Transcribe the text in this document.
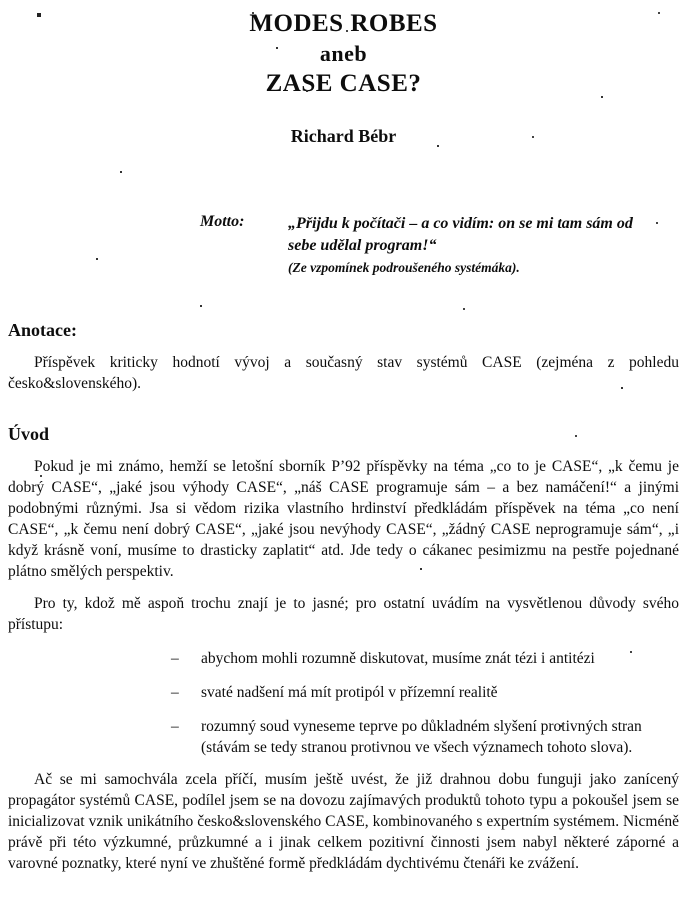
MODES ROBES
aneb
ZASE CASE?
Richard Bébr
Motto:	„Přijdu k počítači – a co vidím: on se mi tam sám od
sebe udělal program!“
(Ze vzpomínek podroušeného systémáka).
Anotace:

Příspěvek kriticky hodnotí vývoj a současný stav systémů CASE (zejména z pohledu česko&slovenského).

Úvod

Pokud je mi známo, hemží se letošní sborník P’92 příspěvky na téma „co to je CASE“, „k čemu je dobrý CASE“, „jaké jsou výhody CASE“, „náš CASE programuje sám – a bez namáčení!“ a jinými podobnými různými. Jsa si vědom rizika vlastního hrdinství předkládám příspěvek na téma „co není CASE“, „k čemu není dobrý CASE“, „jaké jsou nevýhody CASE“, „žádný CASE neprogramuje sám“, „i když krásně voní, musíme to drasticky zaplatit“ atd. Jde tedy o cákanec pesimizmu na pestře pojednané plátno smělých perspektiv.

Pro ty, kdož mě aspoň trochu znají je to jasné; pro ostatní uvádím na vysvětlenou důvody svého přístupu:

–	abychom mohli rozumně diskutovat, musíme znát tézi i antitézi
–	svaté nadšení má mít protipól v přízemní realitě
–	rozumný soud vyneseme teprve po důkladném slyšení protivných stran (stávám se tedy stranou protivnou ve všech významech tohoto slova).

Ač se mi samochvála zcela příčí, musím ještě uvést, že již drahnou dobu funguji jako zanícený propagátor systémů CASE, podílel jsem se na dovozu zajímavých produktů tohoto typu a pokoušel jsem se inicializovat vznik unikátního česko&slovenského CASE, kombinovaného s expertním systémem. Nicméně právě při této výzkumné, průzkumné a i jinak celkem pozitivní činnosti jsem nabyl některé záporné a varovné poznatky, které nyní ve zhuštěné formě předkládám dychtivému čtenáři ke zvážení.
